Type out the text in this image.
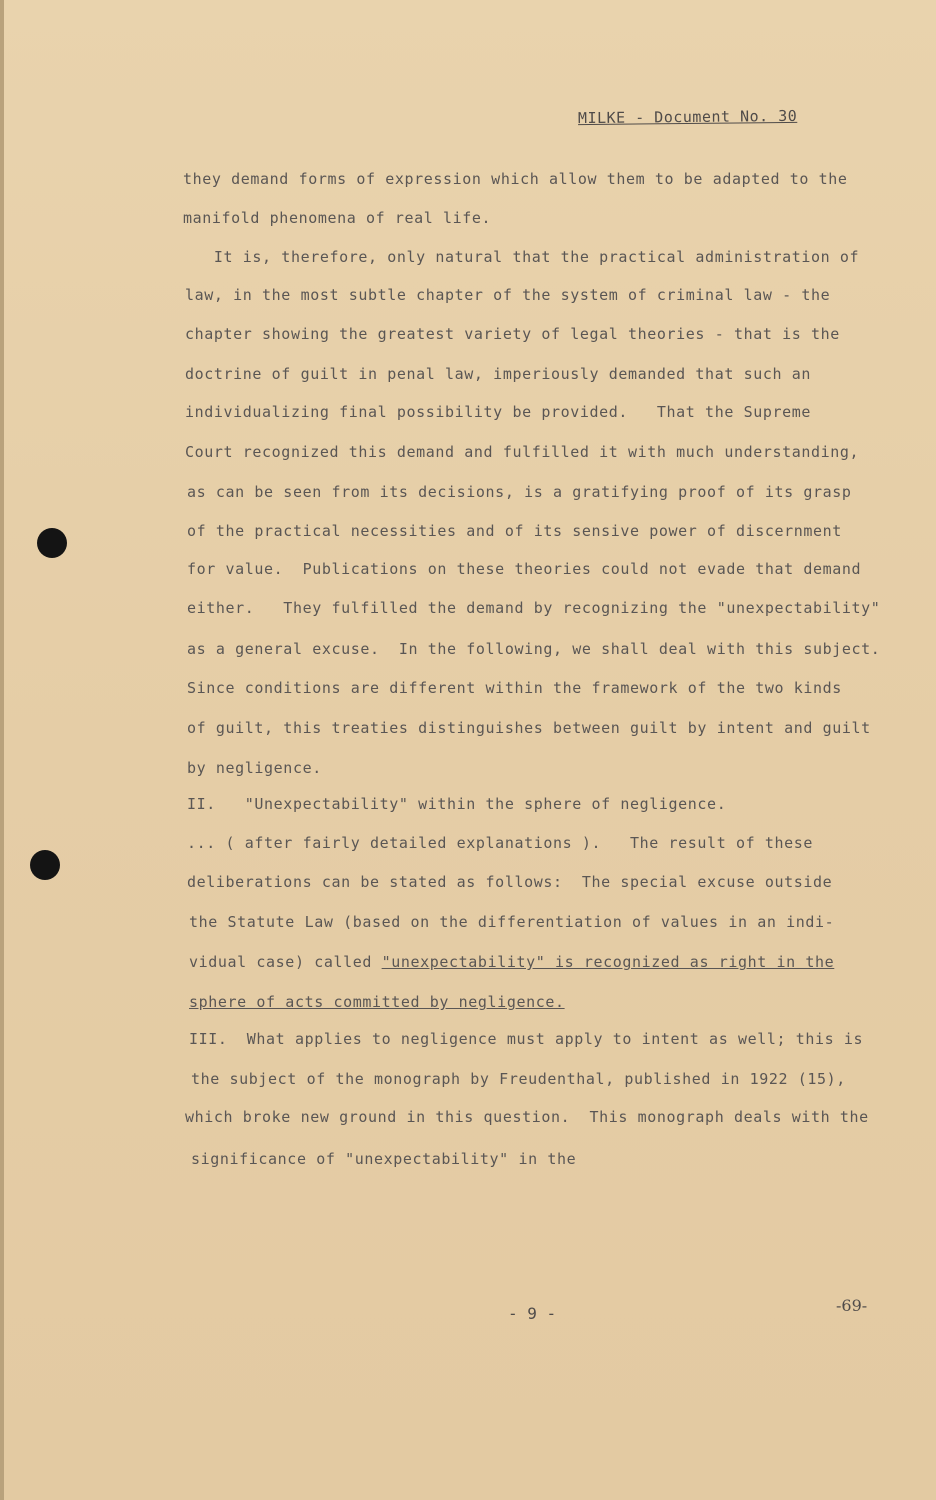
MILKE - Document No. 30
they demand forms of expression which allow them to be adapted to the
manifold phenomena of real life.
It is, therefore, only natural that the practical administration of
law, in the most subtle chapter of the system of criminal law - the
chapter showing the greatest variety of legal theories - that is the
doctrine of guilt in penal law, imperiously demanded that such an
individualizing final possibility be provided.   That the Supreme
Court recognized this demand and fulfilled it with much understanding,
as can be seen from its decisions, is a gratifying proof of its grasp
of the practical necessities and of its sensive power of discernment
for value.  Publications on these theories could not evade that demand
either.   They fulfilled the demand by recognizing the "unexpectability"
as a general excuse.  In the following, we shall deal with this subject.
Since conditions are different within the framework of the two kinds
of guilt, this treaties distinguishes between guilt by intent and guilt
by negligence.
II.   "Unexpectability" within the sphere of negligence.
... ( after fairly detailed explanations ).   The result of these
deliberations can be stated as follows:  The special excuse outside
the Statute Law (based on the differentiation of values in an indi-
vidual case) called "unexpectability" is recognized as right in the
sphere of acts committed by negligence.
III.  What applies to negligence must apply to intent as well; this is
the subject of the monograph by Freudenthal, published in 1922 (15),
which broke new ground in this question.  This monograph deals with the
significance of "unexpectability" in the
- 9 -	-69-
